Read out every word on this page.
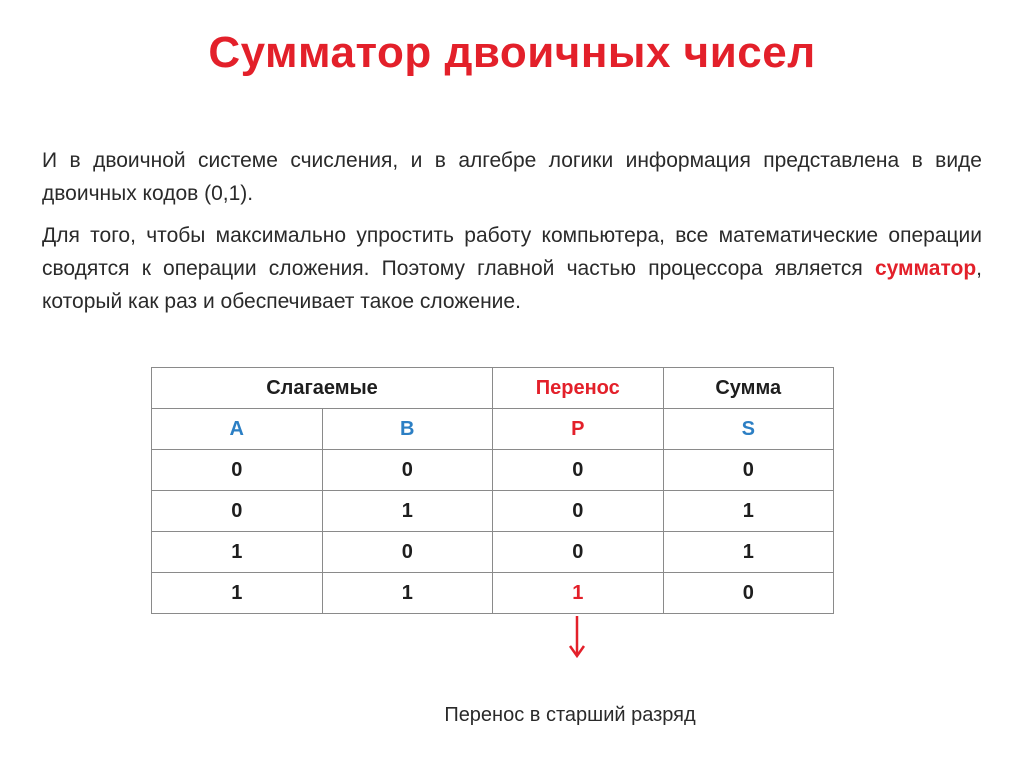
Сумматор двоичных чисел
И в двоичной системе счисления, и в алгебре логики информация представлена в виде двоичных кодов (0,1).
Для того, чтобы максимально упростить работу компьютера, все математические операции сводятся к операции сложения. Поэтому главной частью процессора является сумматор, который как раз и обеспечивает такое сложение.
Слагаемые		Перенос	Сумма
A	B	P	S
0	0	0	0
0	1	0	1
1	0	0	1
1	1	1	0
Перенос в старший разряд
